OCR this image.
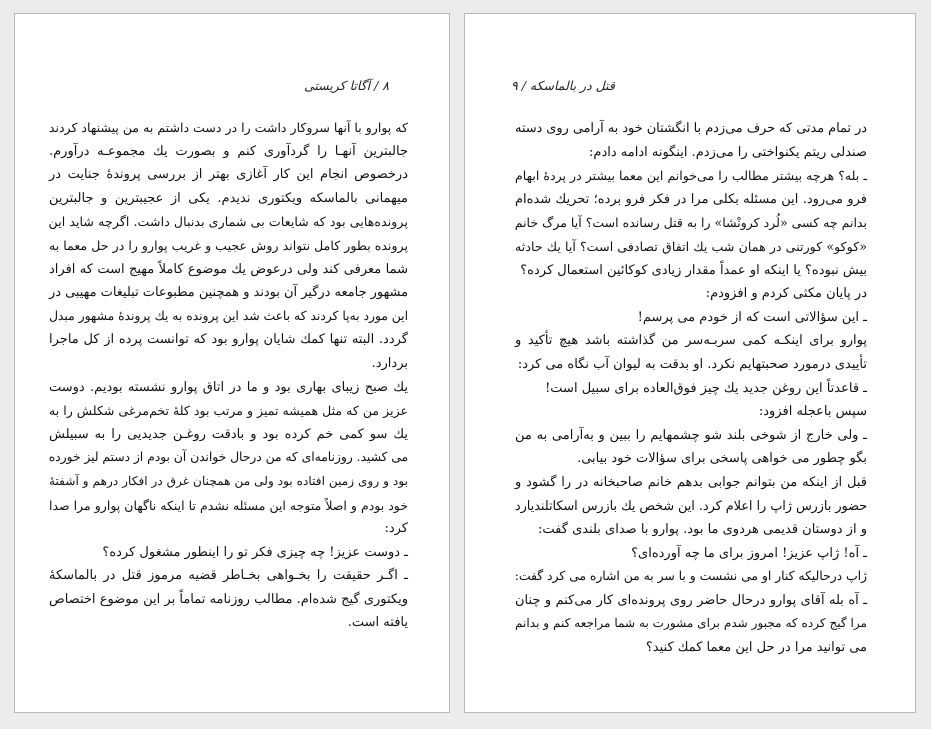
۸ / آگاتا کریستی
که پوارو با آنها سروکار داشت را در دست داشتم به من پیشنهاد کردند
جالبترین آنهـا را گردآوری کنم و بصورت یك مجموعـه درآورم.
درخصوص انجام این کار آغازی بهتر از بررسی پروندهٔ جنایت در
میهمانی بالماسکه ویکتوری ندیدم. یکی از عجیبترین و جالبترین
پرونده‌هایی بود که شایعات بی شماری بدنبال داشت. اگرچه شاید این
پرونده بطور کامل نتواند روش عجیب و غریب پوارو را در حل معما به
شما معرفی کند ولی درعوض یك موضوع کاملاً مهیج است که افراد
مشهور جامعه درگیر آن بودند و همچنین مطبوعات تبلیغات مهیبی در
این مورد به‌پا کردند که باعث شد این پرونده به یك پروندهٔ مشهور مبدل
گردد. البته تنها کمك شایان پوارو بود که توانست پرده از کل ماجرا
بردارد.
یك صبح زیبای بهاری بود و ما در اتاق پوارو نشسته بودیم. دوست
عزیز من که مثل همیشه تمیز و مرتب بود کلهٔ تخم‌مرغی شکلش را به
یك سو کمی خم کرده بود و بادقت روغـن جدیدیی را به سبیلش
می کشید. روزنامه‌ای که من درحال خواندن آن بودم از دستم لیز خورده
بود و روی زمین افتاده بود ولی من همچنان غرق در افکار درهم و آشفتهٔ
خود بودم و اصلاً متوجه این مسئله نشدم تا اینکه ناگهان پوارو مرا صدا
کرد:
ـ دوست عزیز! چه چیزی فکر تو را اینطور مشغول کرده؟
ـ اگـر حقیقت را بخـواهی بخـاطر قضیه مرموز قتل در بالماسکهٔ
ویکتوری گیج شده‌ام. مطالب روزنامه تماماً بر این موضوع اختصاص
یافته است.
قتل در بالماسکه / ۹
در تمام مدتی که حرف می‌زدم با انگشتان خود به آرامی روی دسته
صندلی ریتم یکنواختی را می‌زدم. اینگونه ادامه دادم:
ـ بله؟ هرچه بیشتر مطالب را می‌خوانم این معما بیشتر در پردهٔ ابهام
فرو می‌رود. این مسئله بکلی مرا در فکر فرو برده؛ تحریك شده‌ام
بدانم چه کسی «لُرد کرونْشا» را به قتل رسانده است؟ آیا مرگ خانم
«کوکو» کورتنی در همان شب یك اتفاق تصادفی است؟ آیا یك حادثه
بیش نبوده؟ یا اینکه او عمداً مقدار زیادی کوکائین استعمال کرده؟
در پایان مکثی کردم و افزودم:
ـ این سؤالاتی است که از خودم می پرسم!
پوارو برای اینکـه کمی سربـه‌سر من گذاشته باشد هیچ تأکید و
تأییدی درمورد صحبتهایم نکرد. او بدقت به لیوان آب نگاه می کرد:
ـ قاعدتاً این روغن جدید یك چیز فوق‌العاده برای سبیل است!
سپس باعجله افزود:
ـ ولی خارج از شوخی بلند شو چشمهایم را ببین و به‌آرامی به من
بگو چطور می خواهی پاسخی برای سؤالات خود بیابی.
قبل از اینکه من بتوانم جوابی بدهم خانم صاحبخانه در را گشود و
حضور بازرس ژاپ را اعلام کرد. این شخص یك بازرس اسکاتلندیارد
و از دوستان قدیمی هردوی ما بود. پوارو با صدای بلندی گفت:
ـ آه! ژاپ عزیز! امروز برای ما چه آورده‌ای؟
ژاپ درحالیکه کنار او می نشست و با سر به من اشاره می کرد گفت:
ـ آه بله آقای پوارو درحال حاضر روی پرونده‌ای کار می‌کنم و چنان
مرا گیج کرده که مجبور شدم برای مشورت به شما مراجعه کنم و بدانم
می توانید مرا در حل این معما کمك کنید؟
